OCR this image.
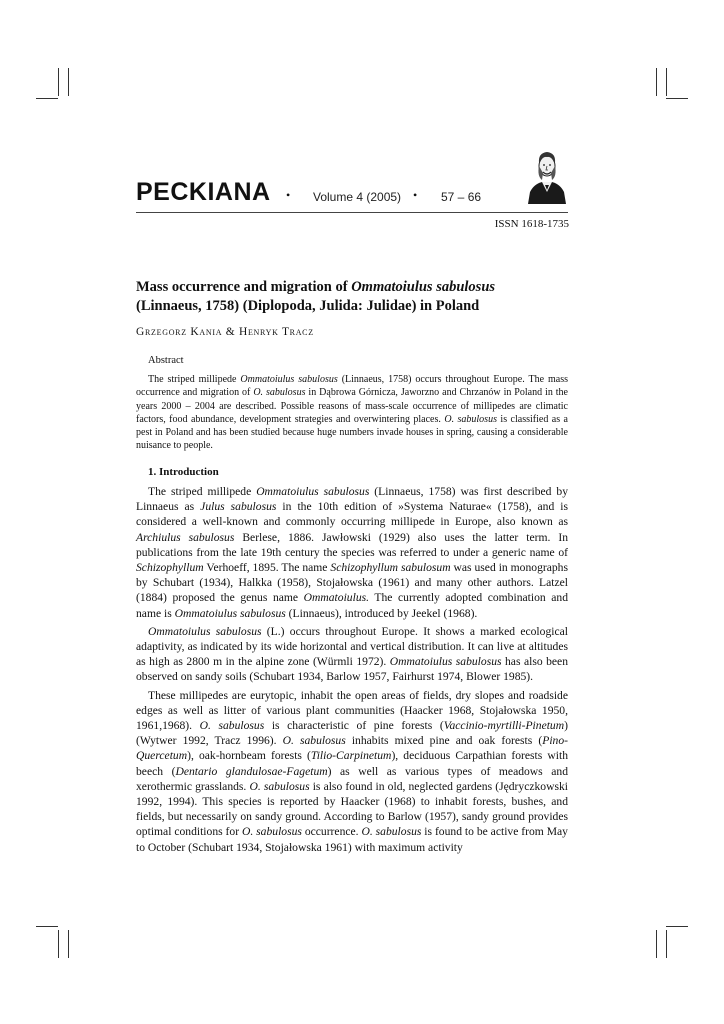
PECKIANA • Volume 4 (2005) • 57 – 66
ISSN 1618-1735
Mass occurrence and migration of Ommatoiulus sabulosus
(Linnaeus, 1758) (Diplopoda, Julida: Julidae) in Poland
Grzegorz Kania & Henryk Tracz
Abstract

The striped millipede Ommatoiulus sabulosus (Linnaeus, 1758) occurs throughout Europe. The mass occurrence and migration of O. sabulosus in Dąbrowa Górnicza, Jaworzno and Chrzanów in Poland in the years 2000 – 2004 are described. Possible reasons of mass-scale occurrence of millipedes are climatic factors, food abundance, development strategies and overwintering places. O. sabulosus is classified as a pest in Poland and has been studied because huge numbers invade houses in spring, causing a considerable nuisance to people.

1. Introduction

The striped millipede Ommatoiulus sabulosus (Linnaeus, 1758) was first described by Linnaeus as Julus sabulosus in the 10th edition of »Systema Naturae« (1758), and is considered a well-known and commonly occurring millipede in Europe, also known as Archiulus sabulosus Berlese, 1886. Jawłowski (1929) also uses the latter term. In publications from the late 19th century the species was referred to under a generic name of Schizophyllum Verhoeff, 1895. The name Schizophyllum sabulosum was used in monographs by Schubart (1934), Halkka (1958), Stojałowska (1961) and many other authors. Latzel (1884) proposed the genus name Ommatoiulus. The currently adopted combination and name is Ommatoiulus sabulosus (Linnaeus), introduced by Jeekel (1968).

Ommatoiulus sabulosus (L.) occurs throughout Europe. It shows a marked ecological adaptivity, as indicated by its wide horizontal and vertical distribution. It can live at altitudes as high as 2800 m in the alpine zone (Würmli 1972). Ommatoiulus sabulosus has also been observed on sandy soils (Schubart 1934, Barlow 1957, Fairhurst 1974, Blower 1985).

These millipedes are eurytopic, inhabit the open areas of fields, dry slopes and roadside edges as well as litter of various plant communities (Haacker 1968, Stojałowska 1950, 1961,1968). O. sabulosus is characteristic of pine forests (Vaccinio-myrtilli-Pinetum) (Wytwer 1992, Tracz 1996). O. sabulosus inhabits mixed pine and oak forests (Pino-Quercetum), oak-hornbeam forests (Tilio-Carpinetum), deciduous Carpathian forests with beech (Dentario glandulosae-Fagetum) as well as various types of meadows and xerothermic grasslands. O. sabulosus is also found in old, neglected gardens (Jędryczkowski 1992, 1994). This species is reported by Haacker (1968) to inhabit forests, bushes, and fields, but necessarily on sandy ground. According to Barlow (1957), sandy ground provides optimal conditions for O. sabulosus occurrence. O. sabulosus is found to be active from May to October (Schubart 1934, Stojałowska 1961) with maximum activity
